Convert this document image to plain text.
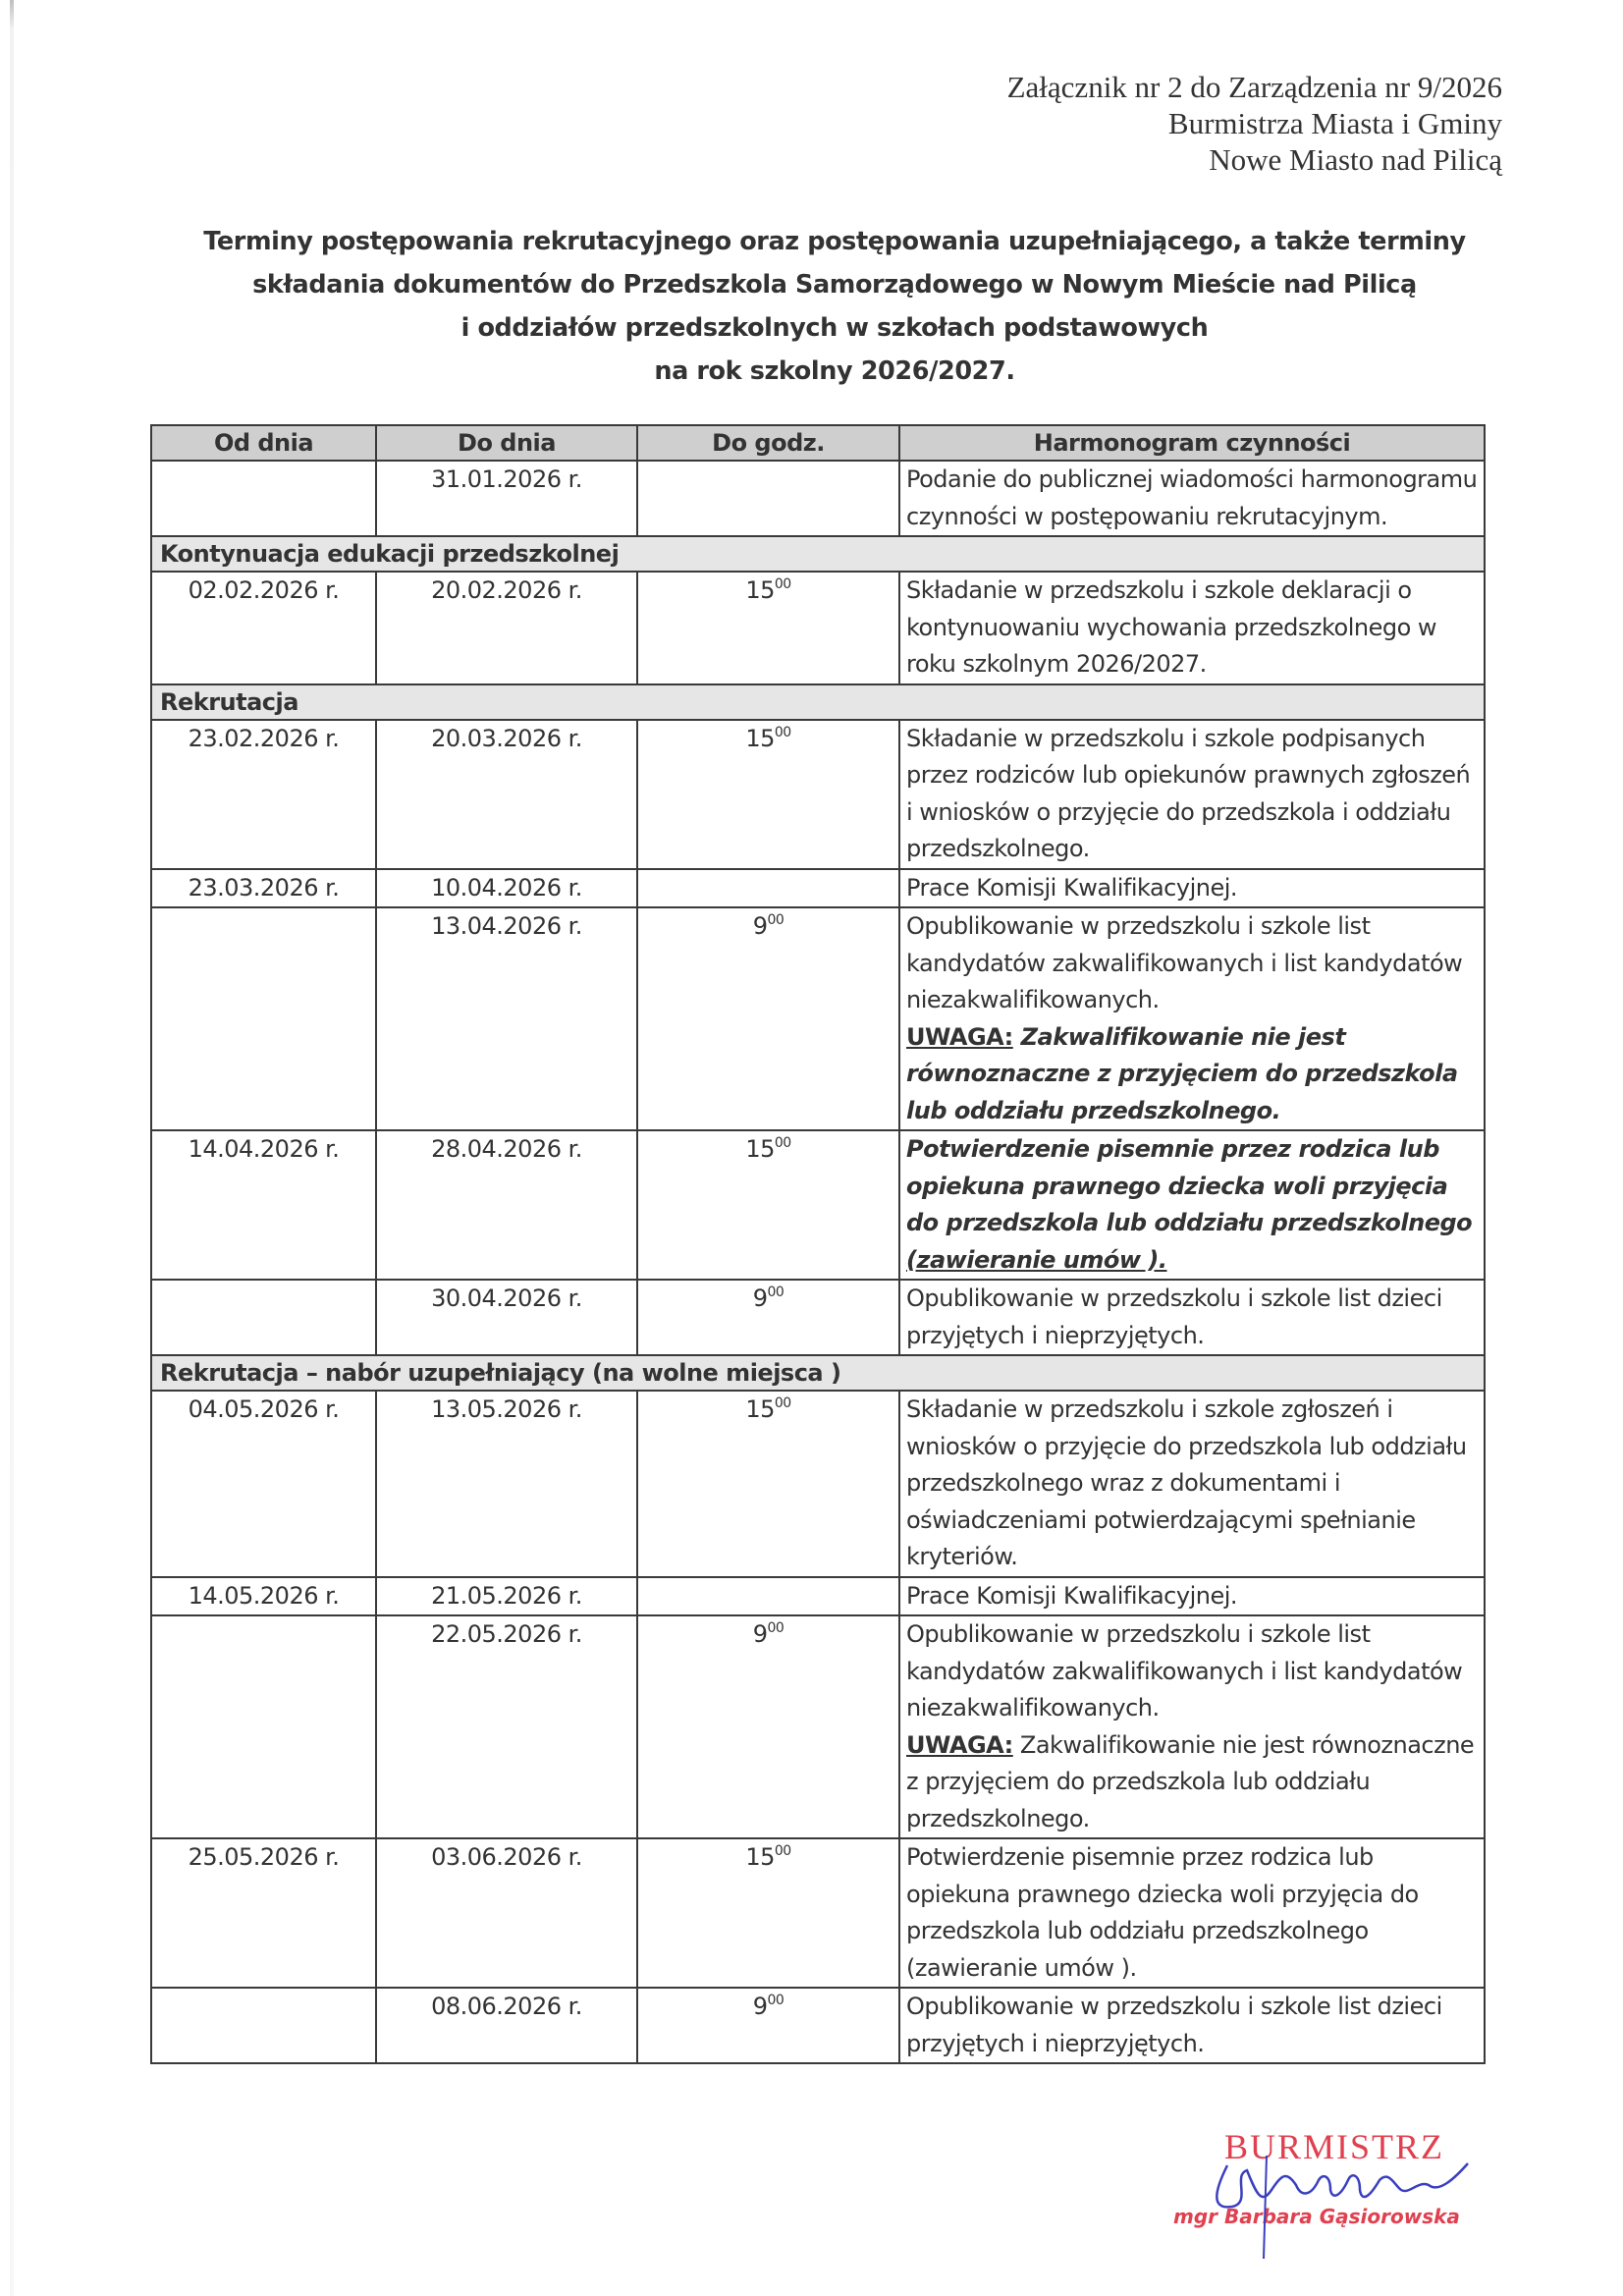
Załącznik nr 2 do Zarządzenia nr 9/2026
Burmistrza Miasta i Gminy
Nowe Miasto nad Pilicą
Terminy postępowania rekrutacyjnego oraz postępowania uzupełniającego, a także terminy
składania dokumentów do Przedszkola Samorządowego w Nowym Mieście nad Pilicą
i oddziałów przedszkolnych w szkołach podstawowych
na rok szkolny 2026/2027.
Od dnia	Do dnia	Do godz.	Harmonogram czynności
	31.01.2026 r.		Podanie do publicznej wiadomości harmonogramu czynności w postępowaniu rekrutacyjnym.
Kontynuacja edukacji przedszkolnej			
02.02.2026 r.	20.02.2026 r.	$15^{00}$	Składanie w przedszkolu i szkole deklaracji o kontynuowaniu wychowania przedszkolnego w roku szkolnym 2026/2027.
Rekrutacja			
23.02.2026 r.	20.03.2026 r.	$15^{00}$	Składanie w przedszkolu i szkole podpisanych przez rodziców lub opiekunów prawnych zgłoszeń i wniosków o przyjęcie do przedszkola i oddziału przedszkolnego.
23.03.2026 r.	10.04.2026 r.		Prace Komisji Kwalifikacyjnej.
	13.04.2026 r.	$9^{00}$	Opublikowanie w przedszkolu i szkole list kandydatów zakwalifikowanych i list kandydatów niezakwalifikowanych.
UWAGA: Zakwalifikowanie nie jest równoznaczne z przyjęciem do przedszkola lub oddziału przedszkolnego.
14.04.2026 r.	28.04.2026 r.	$15^{00}$	Potwierdzenie pisemnie przez rodzica lub opiekuna prawnego dziecka woli przyjęcia do przedszkola lub oddziału przedszkolnego (zawieranie umów ).
	30.04.2026 r.	$9^{00}$	Opublikowanie w przedszkolu i szkole list dzieci przyjętych i nieprzyjętych.
Rekrutacja – nabór uzupełniający (na wolne miejsca )			
04.05.2026 r.	13.05.2026 r.	$15^{00}$	Składanie w przedszkolu i szkole zgłoszeń i wniosków o przyjęcie do przedszkola lub oddziału przedszkolnego wraz z dokumentami i oświadczeniami potwierdzającymi spełnianie kryteriów.
14.05.2026 r.	21.05.2026 r.		Prace Komisji Kwalifikacyjnej.
	22.05.2026 r.	$9^{00}$	Opublikowanie w przedszkolu i szkole list kandydatów zakwalifikowanych i list kandydatów niezakwalifikowanych.
UWAGA: Zakwalifikowanie nie jest równoznaczne z przyjęciem do przedszkola lub oddziału przedszkolnego.
25.05.2026 r.	03.06.2026 r.	$15^{00}$	Potwierdzenie pisemnie przez rodzica lub opiekuna prawnego dziecka woli przyjęcia do przedszkola lub oddziału przedszkolnego (zawieranie umów ).
	08.06.2026 r.	$9^{00}$	Opublikowanie w przedszkolu i szkole list dzieci przyjętych i nieprzyjętych.
BURMISTRZ
mgr Barbara Gąsiorowska
